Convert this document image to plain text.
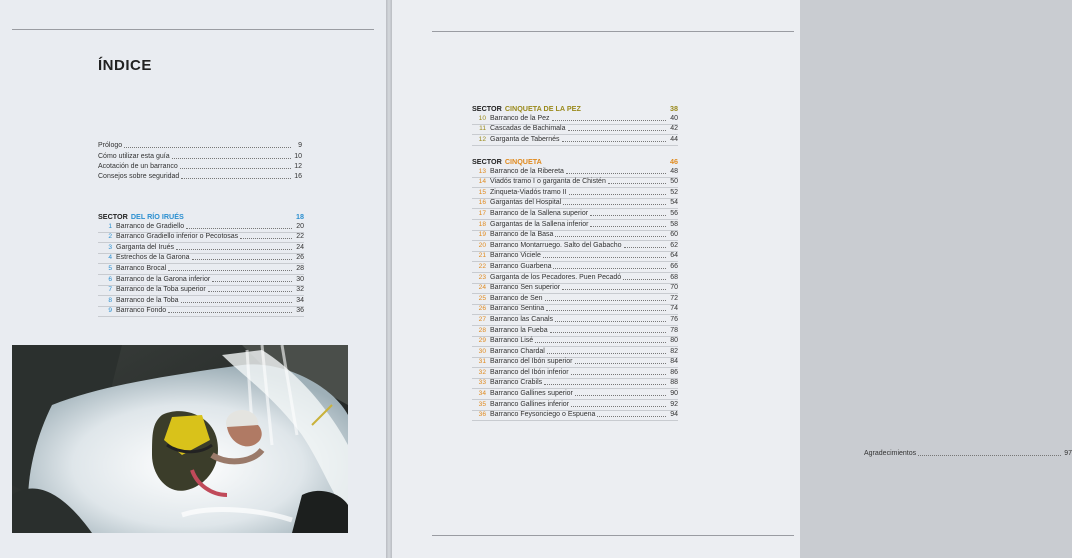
ÍNDICE
Prólogo	9
Cómo utilizar esta guía	10
Acotación de un barranco	12
Consejos sobre seguridad	16
SECTOR DEL RÍO IRUÉS	18
1 Barranco de Gradiello	20
2 Barranco Gradiello inferior o Pecotosas	22
3 Garganta del Irués	24
4 Estrechos de la Garona	26
5 Barranco Brocal	28
6 Barranco de la Garona inferior	30
7 Barranco de la Toba superior	32
8 Barranco de la Toba	34
9 Barranco Fondo	36
SECTOR CINQUETA DE LA PEZ	38
10 Barranco de la Pez	40
11 Cascadas de Bachimala	42
12 Garganta de Tabernés	44
SECTOR CINQUETA	46
13 Barranco de la Ribereta	48
14 Viadós tramo I o garganta de Chistén	50
15 Zinqueta-Viadós tramo II	52
16 Gargantas del Hospital	54
17 Barranco de la Sallena superior	56
18 Gargantas de la Sallena inferior	58
19 Barranco de la Basa	60
20 Barranco Montarruego. Salto del Gabacho	62
21 Barranco Viciele	64
22 Barranco Guarbena	66
23 Garganta de los Pecadores. Puen Pecadó	68
24 Barranco Sen superior	70
25 Barranco de Sen	72
26 Barranco Sentina	74
27 Barranco las Canals	76
28 Barranco la Fueba	78
29 Barranco Lisé	80
30 Barranco Chardal	82
31 Barranco del Ibón superior	84
32 Barranco del Ibón inferior	86
33 Barranco Crabils	88
34 Barranco Gallines superior	90
35 Barranco Gallines inferior	92
36 Barranco Feysonciego o Espuena	94
Agradecimientos	97
